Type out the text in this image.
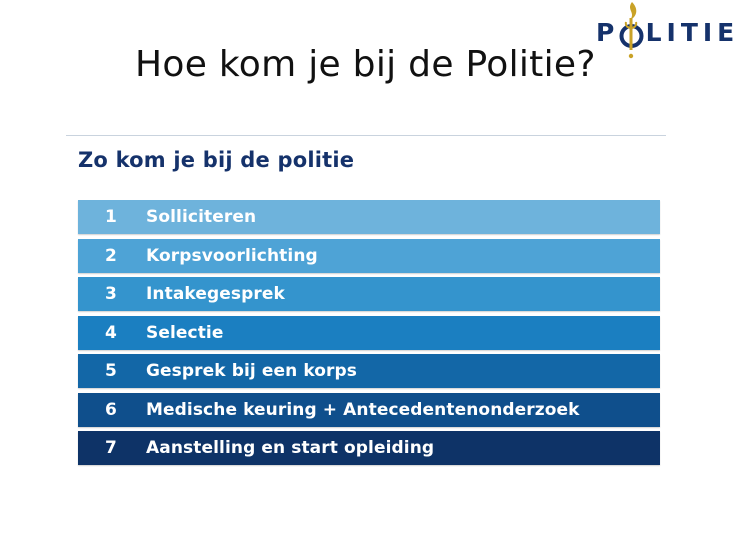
Hoe kom je bij de Politie?
P LITIE
Zo kom je bij de politie
1	Solliciteren
2	Korpsvoorlichting
3	Intakegesprek
4	Selectie
5	Gesprek bij een korps
6	Medische keuring + Antecedentenonderzoek
7	Aanstelling en start opleiding
